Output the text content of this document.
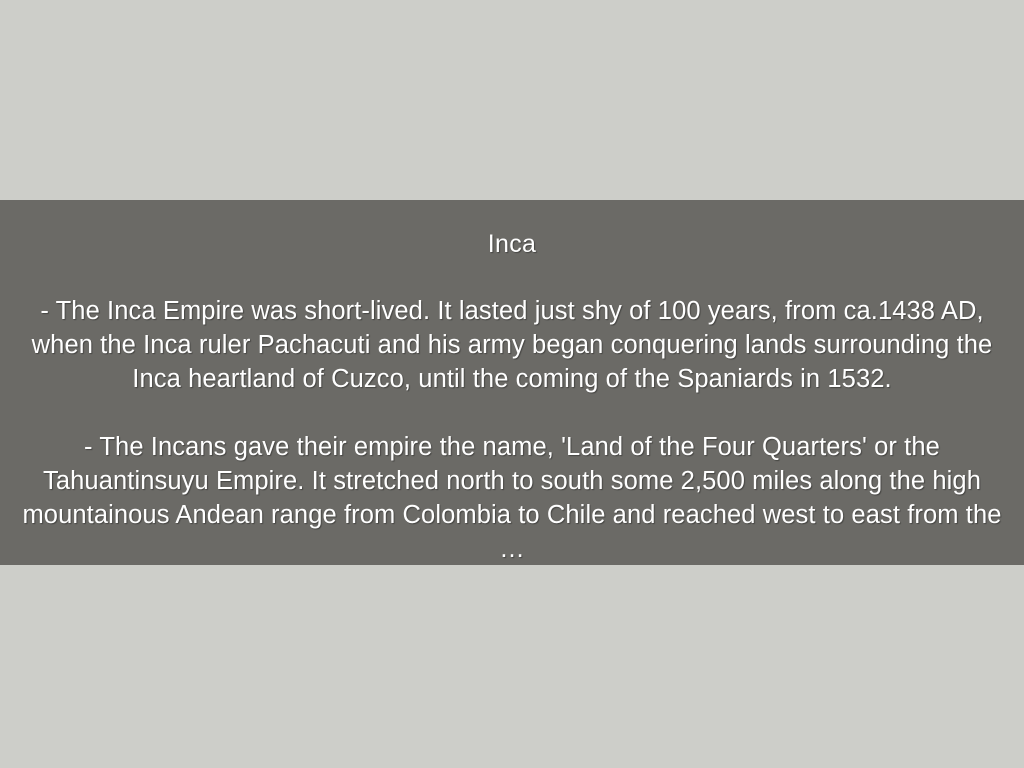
Inca

- The Inca Empire was short-lived. It lasted just shy of 100 years, from ca.1438 AD, when the Inca ruler Pachacuti and his army began conquering lands surrounding the Inca heartland of Cuzco, until the coming of the Spaniards in 1532.

- The Incans gave their empire the name, 'Land of the Four Quarters' or the Tahuantinsuyu Empire. It stretched north to south some 2,500 miles along the high mountainous Andean range from Colombia to Chile and reached west to east from the …
